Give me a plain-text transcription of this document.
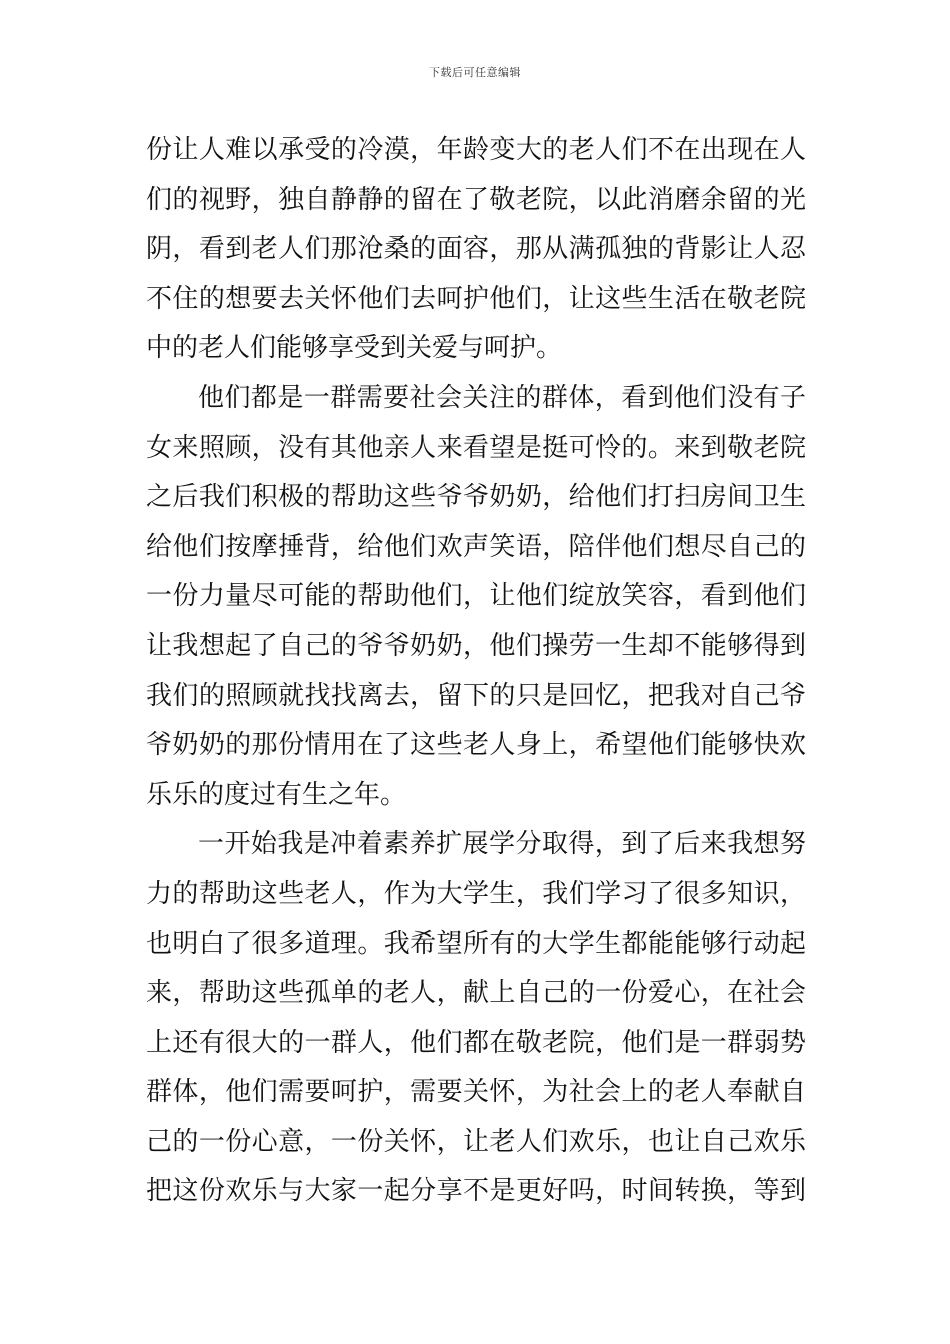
下载后可任意编辑
份让人难以承受的冷漠，年龄变大的老人们不在出现在人
们的视野，独自静静的留在了敬老院，以此消磨余留的光
阴，看到老人们那沧桑的面容，那从满孤独的背影让人忍
不住的想要去关怀他们去呵护他们，让这些生活在敬老院
中的老人们能够享受到关爱与呵护。
他们都是一群需要社会关注的群体，看到他们没有子
女来照顾，没有其他亲人来看望是挺可怜的。来到敬老院
之后我们积极的帮助这些爷爷奶奶，给他们打扫房间卫生
给他们按摩捶背，给他们欢声笑语，陪伴他们想尽自己的
一份力量尽可能的帮助他们，让他们绽放笑容，看到他们
让我想起了自己的爷爷奶奶，他们操劳一生却不能够得到
我们的照顾就找找离去，留下的只是回忆，把我对自己爷
爷奶奶的那份情用在了这些老人身上，希望他们能够快欢
乐乐的度过有生之年。
一开始我是冲着素养扩展学分取得，到了后来我想努
力的帮助这些老人，作为大学生，我们学习了很多知识，
也明白了很多道理。我希望所有的大学生都能能够行动起
来，帮助这些孤单的老人，献上自己的一份爱心，在社会
上还有很大的一群人，他们都在敬老院，他们是一群弱势
群体，他们需要呵护，需要关怀，为社会上的老人奉献自
己的一份心意，一份关怀，让老人们欢乐，也让自己欢乐
把这份欢乐与大家一起分享不是更好吗，时间转换，等到
